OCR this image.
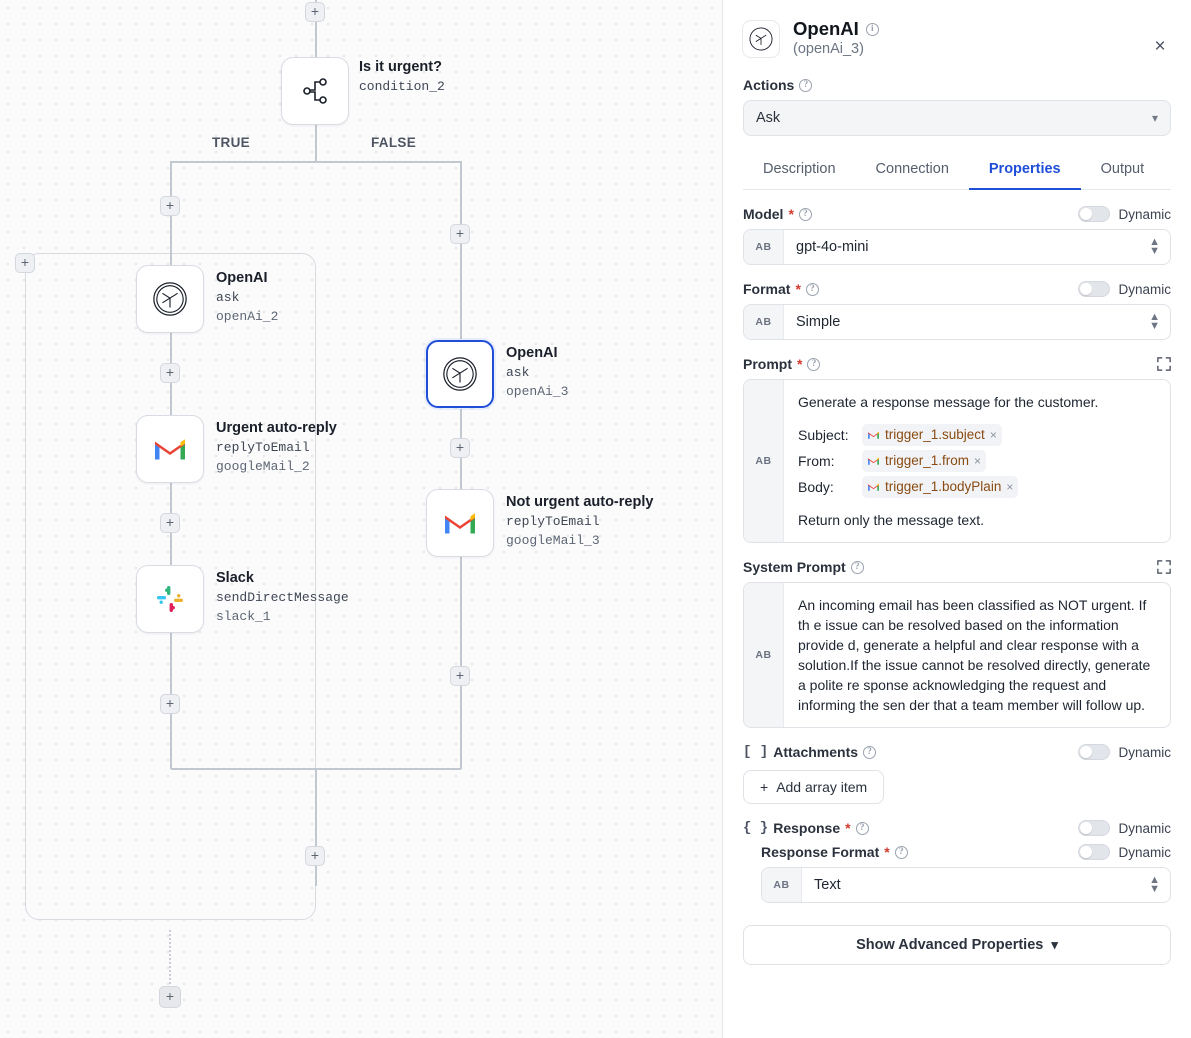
+
+
+
+
+
+
+
+
+
+
+
Is it urgent?
condition_2
TRUE	FALSE
OpenAI
ask
openAi_2
Urgent auto-reply
replyToEmail
googleMail_2
Slack
sendDirectMessage
slack_1
OpenAI
ask
openAi_3
Not urgent auto-reply
replyToEmail
googleMail_3
OpenAI	i
(openAi_3)	×
Actions ?
Ask	▾
Description	Connection	Properties	Output
Model * ?	Dynamic
AB	gpt-4o-mini	▲
▼
Format * ?	Dynamic
AB	Simple	▲
▼
Prompt * ?
AB
Generate a response message for the customer.
Subject:	trigger_1.subject ×
From:	trigger_1.from ×
Body:	trigger_1.bodyPlain ×
Return only the message text.
System Prompt ?
AB
An incoming email has been classified as NOT urgent. If th e issue can be resolved based on the information provide d, generate a helpful and clear response with a solution.If the issue cannot be resolved directly, generate a polite re sponse acknowledging the request and informing the sen der that a team member will follow up.
[ ] Attachments ?	Dynamic
+ Add array item
{ } Response * ?	Dynamic
Response Format * ?	Dynamic
AB	Text	▲
▼
Show Advanced Properties ▾
